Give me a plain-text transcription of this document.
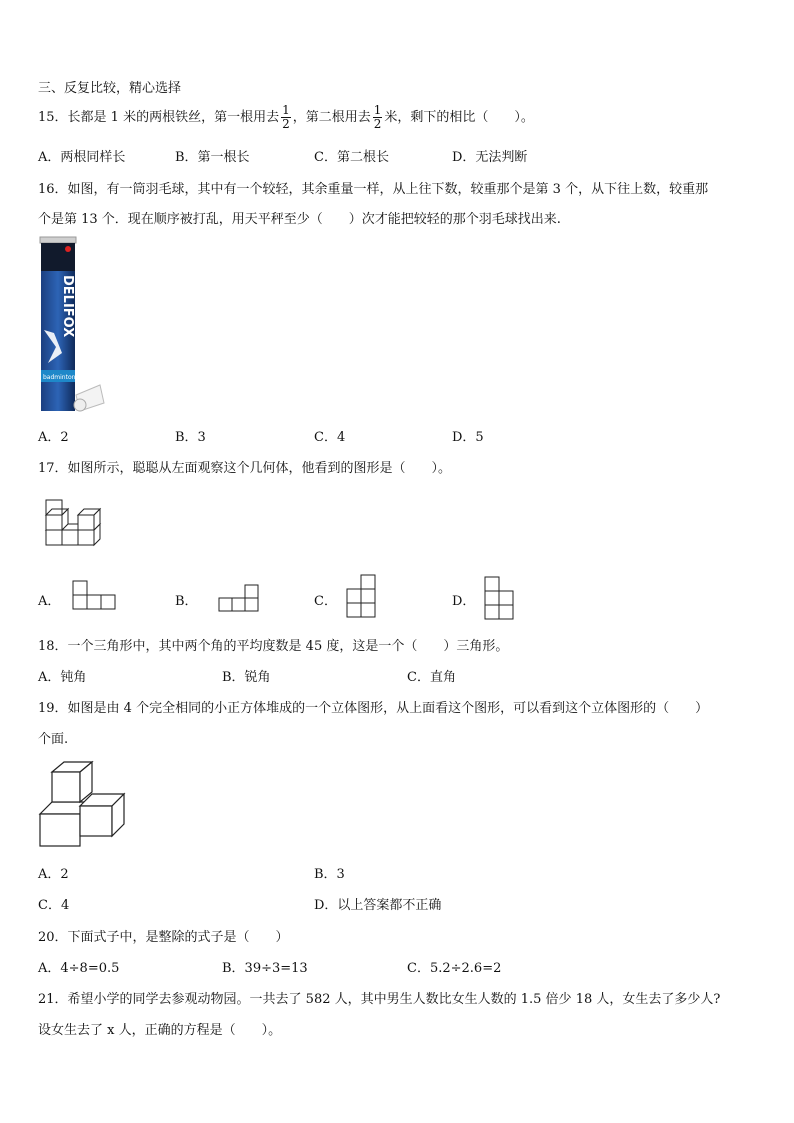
三、反复比较，精心选择
15．长都是 1 米的两根铁丝，第一根用去 $\frac{1}{2}$ ，第二根用去 $\frac{1}{2}$ 米，剩下的相比（　　）。
A．两根同样长	B．第一根长	C．第二根长	D．无法判断
16．如图，有一筒羽毛球，其中有一个较轻，其余重量一样，从上往下数，较重那个是第 3 个，从下往上数，较重那
个是第 13 个．现在顺序被打乱，用天平秤至少（　　）次才能把较轻的那个羽毛球找出来.
DELIFOX
badminton
A．2	B．3	C．4	D．5
17．如图所示，聪聪从左面观察这个几何体，他看到的图形是（　　）。
A．	B．	C．	D．
18．一个三角形中，其中两个角的平均度数是 45 度，这是一个（　　）三角形。
A．钝角	B．锐角	C．直角
19．如图是由 4 个完全相同的小正方体堆成的一个立体图形，从上面看这个图形，可以看到这个立体图形的（　　）
个面.
A．2	B．3
C．4	D．以上答案都不正确
20．下面式子中，是整除的式子是（　　）
A．4÷8=0.5	B．39÷3=13	C．5.2÷2.6=2
21．希望小学的同学去参观动物园。一共去了 582 人，其中男生人数比女生人数的 1.5 倍少 18 人，女生去了多少人?
设女生去了 x 人，正确的方程是（　　）。
